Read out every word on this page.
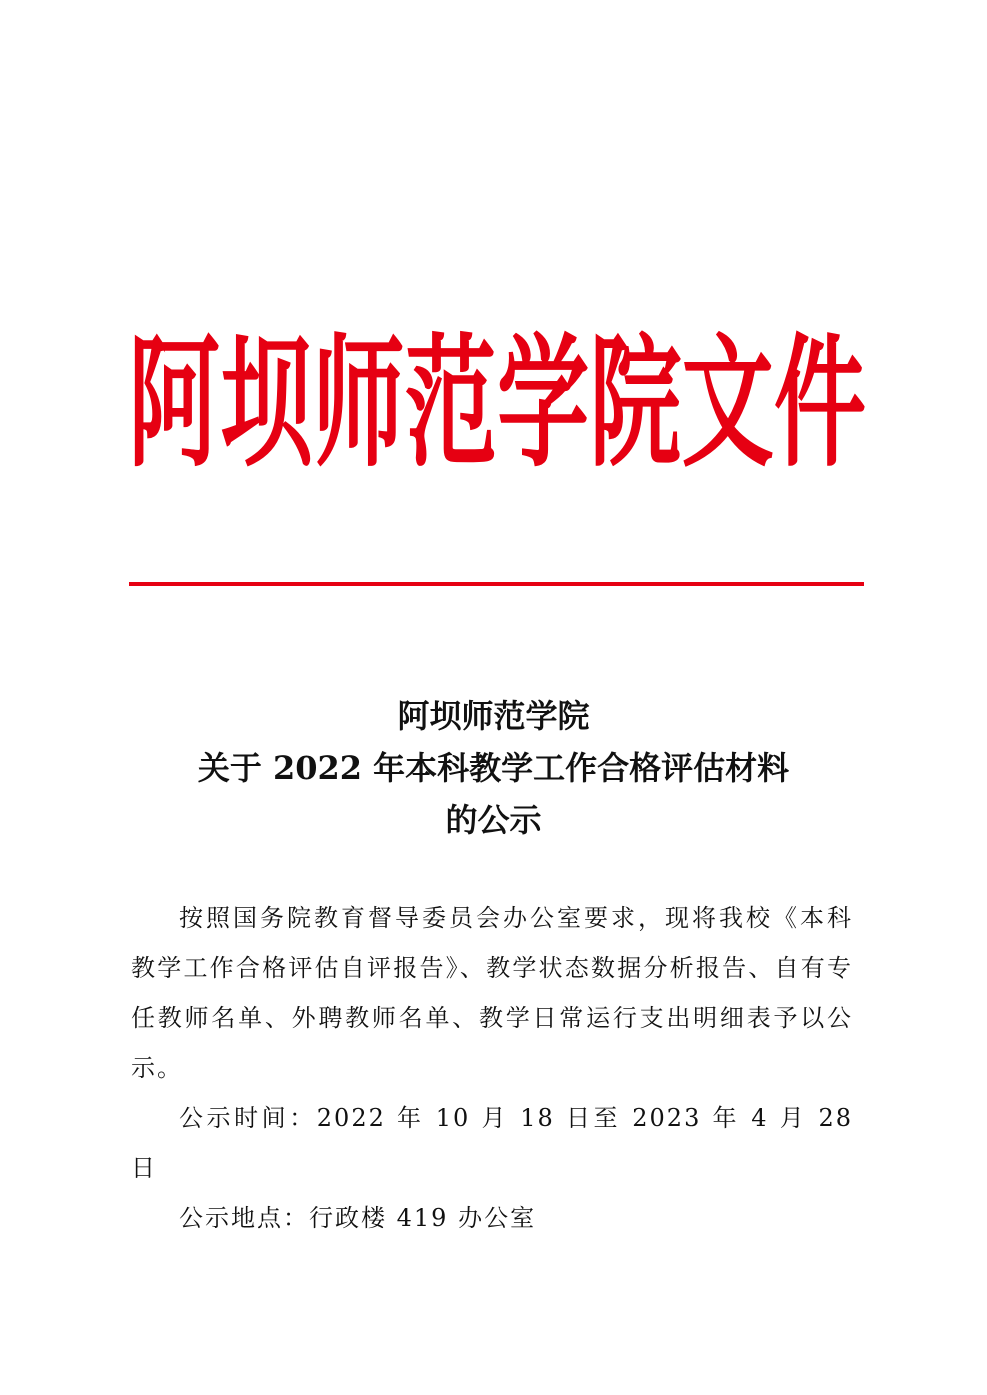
阿 坝 师 范 学 院 文 件
阿坝师范学院
关于 2022 年本科教学工作合格评估材料
的公示

按照国务院教育督导委员会办公室要求，现将我校《本科教学工作合格评估自评报告》、教学状态数据分析报告、自有专任教师名单、外聘教师名单、教学日常运行支出明细表予以公示。

公示时间：2022 年 10 月 18 日至 2023 年 4 月 28 日

公示地点：行政楼 419 办公室
